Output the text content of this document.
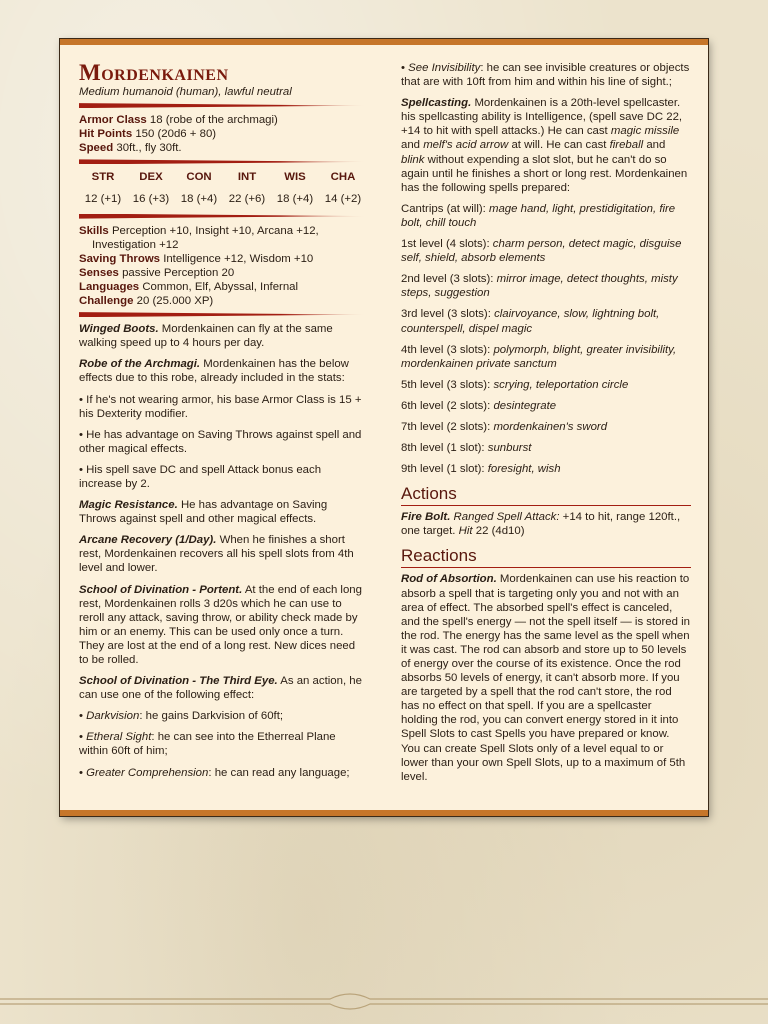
Mordenkainen
Medium humanoid (human), lawful neutral
Armor Class 18 (robe of the archmagi)
Hit Points 150 (20d6 + 80)
Speed 30ft., fly 30ft.
STR	DEX	CON	INT	WIS	CHA
12 (+1)	16 (+3)	18 (+4)	22 (+6)	18 (+4)	14 (+2)
Skills Perception +10, Insight +10, Arcana +12, Investigation +12
Saving Throws Intelligence +12, Wisdom +10
Senses passive Perception 20
Languages Common, Elf, Abyssal, Infernal
Challenge 20 (25.000 XP)

Winged Boots. Mordenkainen can fly at the same walking speed up to 4 hours per day.

Robe of the Archmagi. Mordenkainen has the below effects due to this robe, already included in the stats:

• If he's not wearing armor, his base Armor Class is 15 + his Dexterity modifier.

• He has advantage on Saving Throws against spell and other magical effects.

• His spell save DC and spell Attack bonus each increase by 2.

Magic Resistance. He has advantage on Saving Throws against spell and other magical effects.

Arcane Recovery (1/Day). When he finishes a short rest, Mordenkainen recovers all his spell slots from 4th level and lower.

School of Divination - Portent. At the end of each long rest, Mordenkainen rolls 3 d20s which he can use to reroll any attack, saving throw, or ability check made by him or an enemy. This can be used only once a turn. They are lost at the end of a long rest. New dices need to be rolled.

School of Divination - The Third Eye. As an action, he can use one of the following effect:

• Darkvision: he gains Darkvision of 60ft;

• Etheral Sight: he can see into the Etherreal Plane within 60ft of him;

• Greater Comprehension: he can read any language;

• See Invisibility: he can see invisible creatures or objects that are with 10ft from him and within his line of sight.;

Spellcasting. Mordenkainen is a 20th-level spellcaster. his spellcasting ability is Intelligence, (spell save DC 22, +14 to hit with spell attacks.) He can cast magic missile and melf's acid arrow at will. He can cast fireball and blink without expending a slot slot, but he can't do so again until he finishes a short or long rest. Mordenkainen has the following spells prepared:

Cantrips (at will): mage hand, light, prestidigitation, fire bolt, chill touch

1st level (4 slots): charm person, detect magic, disguise self, shield, absorb elements

2nd level (3 slots): mirror image, detect thoughts, misty steps, suggestion

3rd level (3 slots): clairvoyance, slow, lightning bolt, counterspell, dispel magic

4th level (3 slots): polymorph, blight, greater invisibility, mordenkainen private sanctum

5th level (3 slots): scrying, teleportation circle

6th level (2 slots): desintegrate

7th level (2 slots): mordenkainen's sword

8th level (1 slot): sunburst

9th level (1 slot): foresight, wish

Actions

Fire Bolt. Ranged Spell Attack: +14 to hit, range 120ft., one target. Hit 22 (4d10)

Reactions

Rod of Absortion. Mordenkainen can use his reaction to absorb a spell that is targeting only you and not with an area of effect. The absorbed spell's effect is canceled, and the spell's energy — not the spell itself — is stored in the rod. The energy has the same level as the spell when it was cast. The rod can absorb and store up to 50 levels of energy over the course of its existence. Once the rod absorbs 50 levels of energy, it can't absorb more. If you are targeted by a spell that the rod can't store, the rod has no effect on that spell. If you are a spellcaster holding the rod, you can convert energy stored in it into Spell Slots to cast Spells you have prepared or know. You can create Spell Slots only of a level equal to or lower than your own Spell Slots, up to a maximum of 5th level.
